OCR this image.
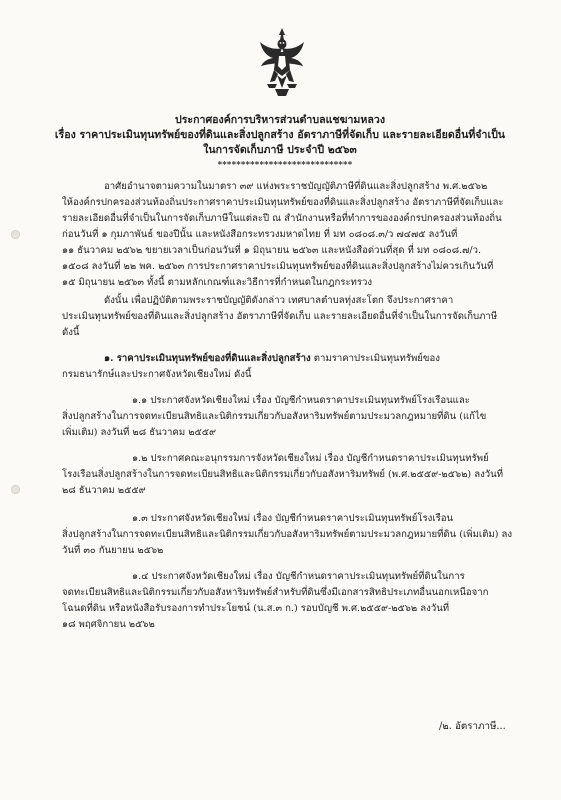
ประกาศองค์การบริหารส่วนตำบลแชฆามหลวง
เรื่อง ราคาประเมินทุนทรัพย์ของที่ดินและสิ่งปลูกสร้าง อัตราภาษีที่จัดเก็บ และรายละเอียดอื่นที่จำเป็น
ในการจัดเก็บภาษี ประจำปี ๒๕๖๓
*****************************
อาศัยอำนาจตามความในมาตรา ๓๙ แห่งพระราชบัญญัติภาษีที่ดินและสิ่งปลูกสร้าง พ.ศ.๒๕๖๒
ให้องค์กรปกครองส่วนท้องถิ่นประกาศราคาประเมินทุนทรัพย์ของที่ดินและสิ่งปลูกสร้าง อัตราภาษีที่จัดเก็บและ
รายละเอียดอื่นที่จำเป็นในการจัดเก็บภาษีในแต่ละปี ณ สำนักงานหรือที่ทำการขององค์กรปกครองส่วนท้องถิ่น
ก่อนวันที่ ๑ กุมภาพันธ์ ของปีนั้น และหนังสือกระทรวงมหาดไทย ที่ มท ๐๘๐๘.๓/ว ๗๔๗๕ ลงวันที่
๑๑ ธันวาคม ๒๕๖๒ ขยายเวลาเป็นก่อนวันที่ ๑ มิถุนายน ๒๕๖๓ และหนังสือด่วนที่สุด ที่ มท ๐๘๐๘.๗/ว.
๑๕๐๘ ลงวันที่ ๒๒ พค. ๒๕๖๓ การประกาศราคาประเมินทุนทรัพย์ของที่ดินและสิ่งปลูกสร้างไม่ควรเกินวันที่
๑๕ มิถุนายน ๒๕๖๓ ทั้งนี้ ตามหลักเกณฑ์และวิธีการที่กำหนดในกฎกระทรวง
ดังนั้น เพื่อปฏิบัติตามพระราชบัญญัติดังกล่าว เทศบาลตำบลทุ่งสะโตก จึงประกาศราคา
ประเมินทุนทรัพย์ของที่ดินและสิ่งปลูกสร้าง อัตราภาษีที่จัดเก็บ และรายละเอียดอื่นที่จำเป็นในการจัดเก็บภาษี
ดังนี้
๑. ราคาประเมินทุนทรัพย์ของที่ดินและสิ่งปลูกสร้าง ตามราคาประเมินทุนทรัพย์ของ
กรมธนารักษ์และประกาศจังหวัดเชียงใหม่ ดังนี้
๑.๑ ประกาศจังหวัดเชียงใหม่ เรื่อง บัญชีกำหนดราคาประเมินทุนทรัพย์โรงเรือนและ
สิ่งปลูกสร้างในการจดทะเบียนสิทธิและนิติกรรมเกี่ยวกับอสังหาริมทรัพย์ตามประมวลกฎหมายที่ดิน (แก้ไข
เพิ่มเติม) ลงวันที่ ๒๘ ธันวาคม ๒๕๕๙
๑.๒ ประกาศคณะอนุกรรมการจังหวัดเชียงใหม่ เรื่อง บัญชีกำหนดราคาประเมินทุนทรัพย์
โรงเรือนสิ่งปลูกสร้างในการจดทะเบียนสิทธิและนิติกรรมเกี่ยวกับอสังหาริมทรัพย์ (พ.ศ.๒๕๕๙-๒๕๖๒) ลงวันที่
๒๘ ธันวาคม ๒๕๕๙
๑.๓ ประกาศจังหวัดเชียงใหม่ เรื่อง บัญชีกำหนดราคาประเมินทุนทรัพย์โรงเรือน
สิ่งปลูกสร้างในการจดทะเบียนสิทธิและนิติกรรมเกี่ยวกับอสังหาริมทรัพย์ตามประมวลกฎหมายที่ดิน (เพิ่มเติม) ลง
วันที่ ๓๐ กันยายน ๒๕๖๒
๑.๔ ประกาศจังหวัดเชียงใหม่ เรื่อง บัญชีกำหนดราคาประเมินทุนทรัพย์ที่ดินในการ
จดทะเบียนสิทธิและนิติกรรมเกี่ยวกับอสังหาริมทรัพย์สำหรับที่ดินซึ่งมีเอกสารสิทธิประเภทอื่นนอกเหนือจาก
โฉนดที่ดิน หรือหนังสือรับรองการทำประโยชน์ (น.ส.๓ ก.) รอบบัญชี พ.ศ.๒๕๕๙-๒๕๖๒ ลงวันที่
๑๘ พฤศจิกายน ๒๕๖๒
/๒. อัตราภาษี...
